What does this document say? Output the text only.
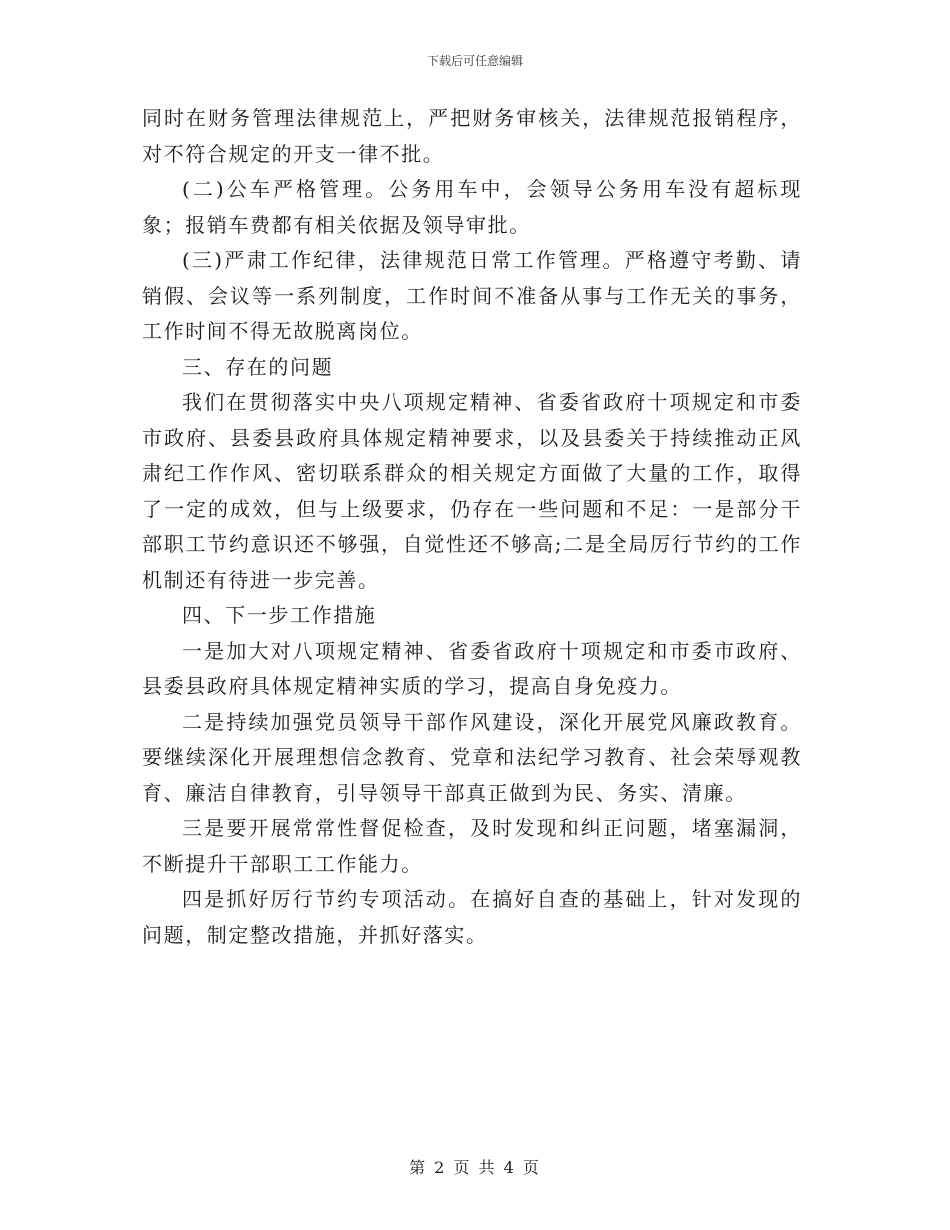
下载后可任意编辑

同时在财务管理法律规范上，严把财务审核关，法律规范报销程序，对不符合规定的开支一律不批。

(二)公车严格管理。公务用车中，会领导公务用车没有超标现象；报销车费都有相关依据及领导审批。

(三)严肃工作纪律，法律规范日常工作管理。严格遵守考勤、请销假、会议等一系列制度，工作时间不准备从事与工作无关的事务，工作时间不得无故脱离岗位。

三、存在的问题

我们在贯彻落实中央八项规定精神、省委省政府十项规定和市委市政府、县委县政府具体规定精神要求，以及县委关于持续推动正风肃纪工作作风、密切联系群众的相关规定方面做了大量的工作，取得了一定的成效，但与上级要求，仍存在一些问题和不足：一是部分干部职工节约意识还不够强，自觉性还不够高;二是全局厉行节约的工作机制还有待进一步完善。

四、下一步工作措施

一是加大对八项规定精神、省委省政府十项规定和市委市政府、县委县政府具体规定精神实质的学习，提高自身免疫力。

二是持续加强党员领导干部作风建设，深化开展党风廉政教育。要继续深化开展理想信念教育、党章和法纪学习教育、社会荣辱观教育、廉洁自律教育，引导领导干部真正做到为民、务实、清廉。

三是要开展常常性督促检查，及时发现和纠正问题，堵塞漏洞，不断提升干部职工工作能力。

四是抓好厉行节约专项活动。在搞好自查的基础上，针对发现的问题，制定整改措施，并抓好落实。

第 2 页 共 4 页
